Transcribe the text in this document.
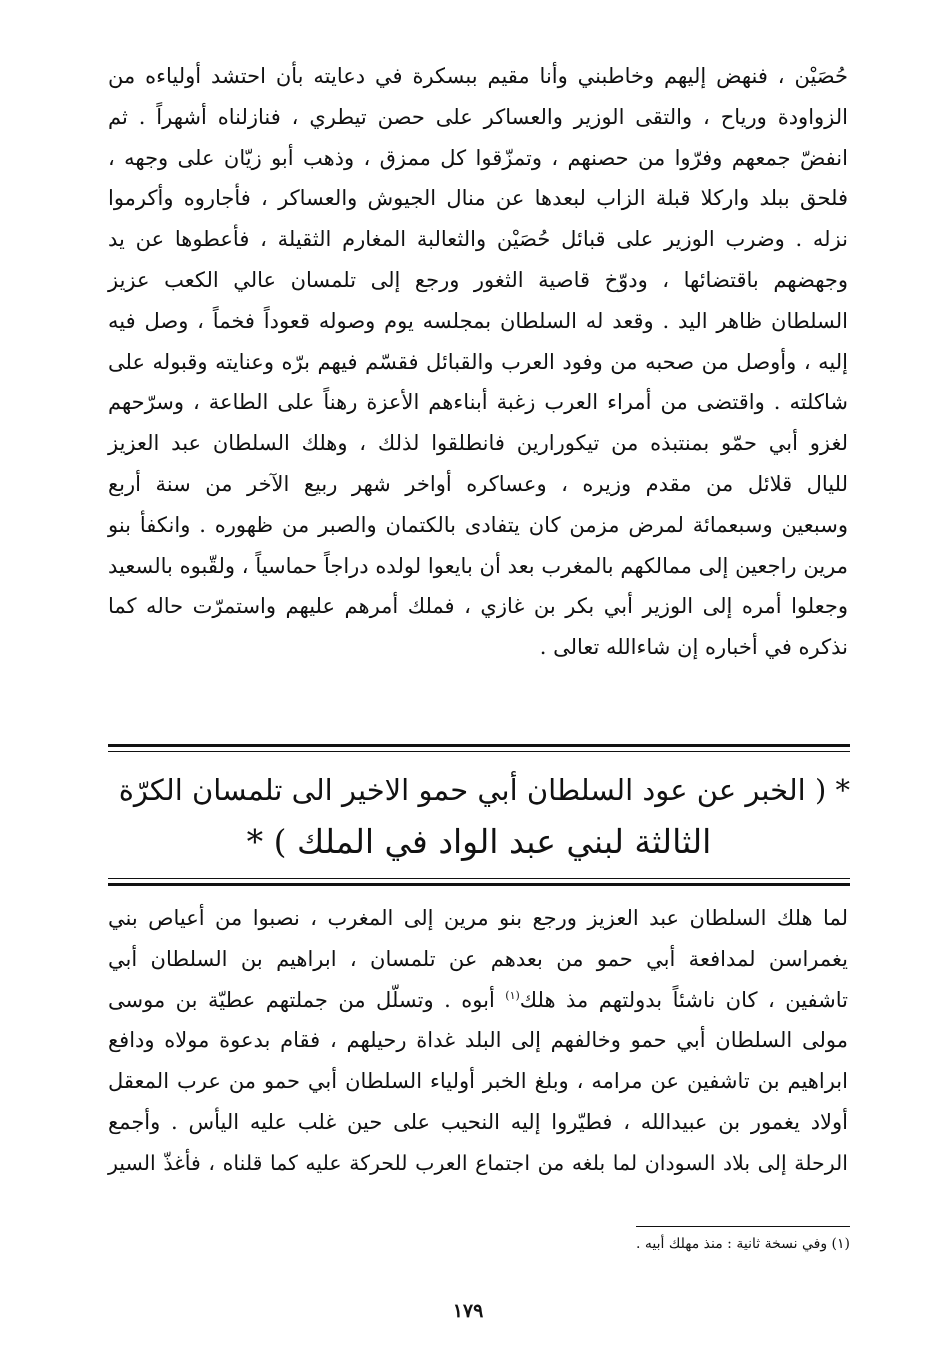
حُصَيْن ، فنهض إليهم وخاطبني وأنا مقيم ببسكرة في دعايته بأن احتشد أولياءه من
الزواودة ورياح ، والتقى الوزير والعساكر على حصن تيطري ، فنازلناه أشهراً . ثم
انفضّ جمعهم وفرّوا من حصنهم ، وتمزّقوا كل ممزق ، وذهب أبو زيّان على وجهه ،
فلحق ببلد واركلا قبلة الزاب لبعدها عن منال الجيوش والعساكر ، فأجاروه وأكرموا
نزله . وضرب الوزير على قبائل حُصَيْن والثعالبة المغارم الثقيلة ، فأعطوها عن يد
وجهضهم باقتضائها ، ودوّخ قاصية الثغور ورجع إلى تلمسان عالي الكعب عزيز
السلطان ظاهر اليد . وقعد له السلطان بمجلسه يوم وصوله قعوداً فخماً ، وصل فيه
إليه ، وأوصل من صحبه من وفود العرب والقبائل فقسّم فيهم برّه وعنايته وقبوله على
شاكلته . واقتضى من أمراء العرب زغبة أبناءهم الأعزة رهناً على الطاعة ، وسرّحهم
لغزو أبي حمّو بمنتبذه من تيكورارين فانطلقوا لذلك ، وهلك السلطان عبد العزيز
لليال قلائل من مقدم وزيره ، وعساكره أواخر شهر ربيع الآخر من سنة أربع
وسبعين وسبعمائة لمرض مزمن كان يتفادى بالكتمان والصبر من ظهوره . وانكفأ بنو
مرين راجعين إلى ممالكهم بالمغرب بعد أن بايعوا لولده دراجاً حماسياً ، ولقّبوه بالسعيد
وجعلوا أمره إلى الوزير أبي بكر بن غازي ، فملك أمرهم عليهم واستمرّت حاله كما
نذكره في أخباره إن شاءالله تعالى .
* ( الخبر عن عود السلطان أبي حمو الاخير الى تلمسان الكرّة
الثالثة لبني عبد الواد في الملك ) *
لما هلك السلطان عبد العزيز ورجع بنو مرين إلى المغرب ، نصبوا من أعياص بني
يغمراسن لمدافعة أبي حمو من بعدهم عن تلمسان ، ابراهيم بن السلطان أبي
تاشفين ، كان ناشئاً بدولتهم مذ هلك$^{(١)}$ أبوه . وتسلّل من جملتهم عطيّة بن موسى
مولى السلطان أبي حمو وخالفهم إلى البلد غداة رحيلهم ، فقام بدعوة مولاه ودافع
ابراهيم بن تاشفين عن مرامه ، وبلغ الخبر أولياء السلطان أبي حمو من عرب المعقل
أولاد يغمور بن عبيدالله ، فطيّروا إليه النحيب على حين غلب عليه اليأس . وأجمع
الرحلة إلى بلاد السودان لما بلغه من اجتماع العرب للحركة عليه كما قلناه ، فأغذّ السير
(١) وفي نسخة ثانية : منذ مهلك أبيه .
١٧٩
